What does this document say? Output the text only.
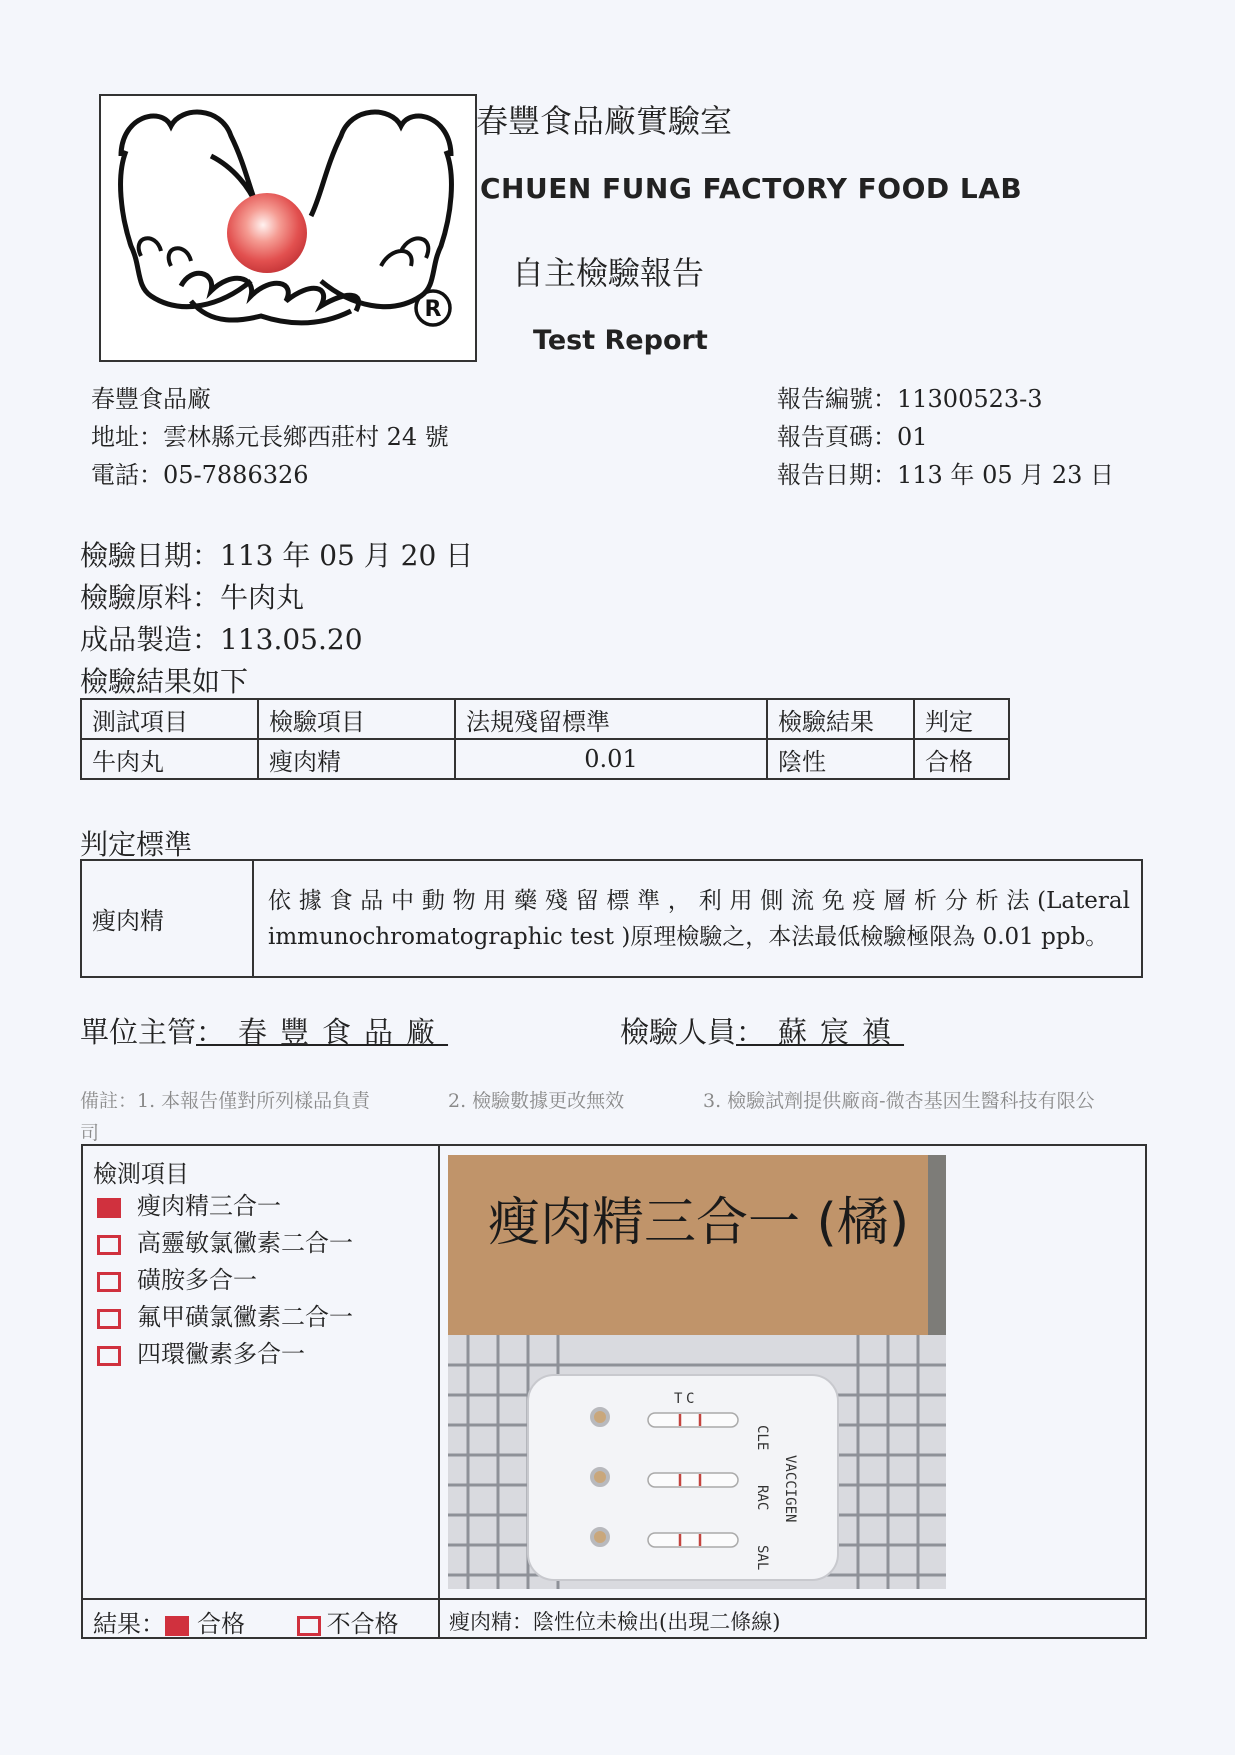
R
春豐食品廠實驗室
CHUEN FUNG FACTORY FOOD LAB
自主檢驗報告
Test Report
春豐食品廠
地址：雲林縣元長鄉西莊村 24 號
電話：05-7886326
報告編號：11300523-3
報告頁碼：01
報告日期：113 年 05 月 23 日
檢驗日期：113 年 05 月 20 日
檢驗原料：牛肉丸
成品製造：113.05.20
檢驗結果如下
測試項目	檢驗項目	法規殘留標準	檢驗結果	判定
牛肉丸	瘦肉精	0.01	陰性	合格
判定標準
瘦肉精
依據食品中動物用藥殘留標準，利用側流免疫層析分析法(Lateral immunochromatographic test )原理檢驗之，本法最低檢驗極限為 0.01 ppb。
單位主管：春豐食品廠	檢驗人員：蘇宸禛
備註：1. 本報告僅對所列樣品負責	2. 檢驗數據更改無效	3. 檢驗試劑提供廠商-微杏基因生醫科技有限公
司
檢測項目
瘦肉精三合一
高靈敏氯黴素二合一
磺胺多合一
氟甲磺氯黴素二合一
四環黴素多合一
結果： 合格	不合格 瘦肉精：陰性位未檢出(出現二條線)
瘦肉精三合一 (橘)
C
T
CLE
RAC
SAL
VACCIGEN
